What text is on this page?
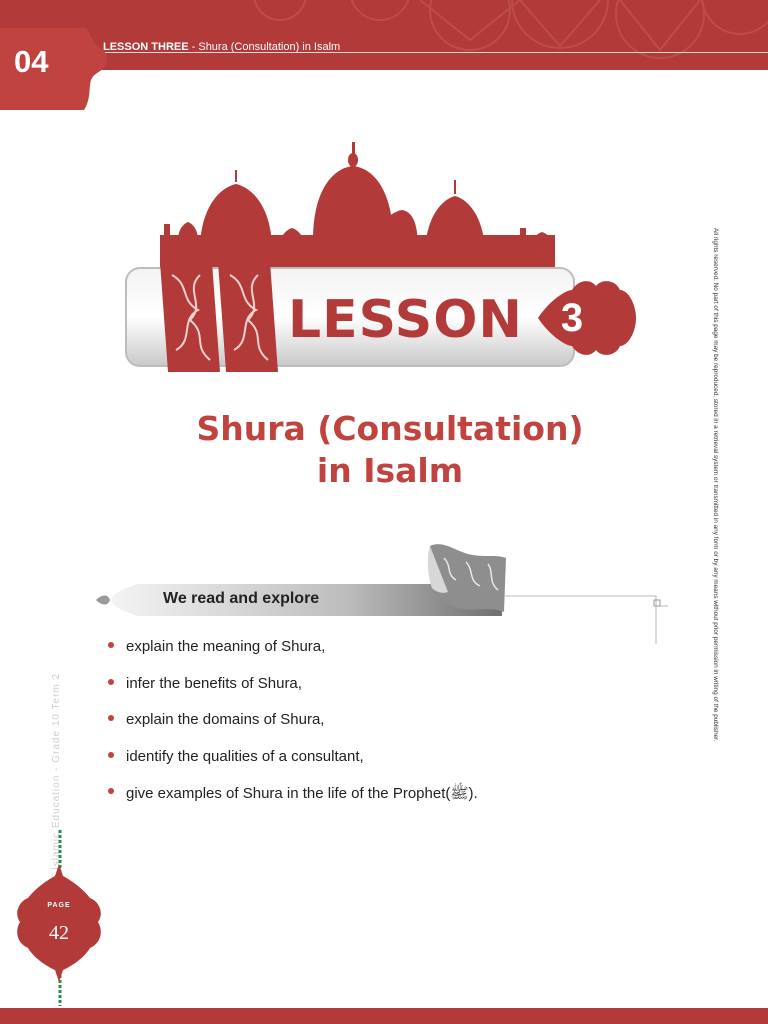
04	LESSON THREE - Shura (Consultation) in Isalm
LESSON 3
Shura (Consultation)
in Isalm
We read and explore
explain the meaning of Shura,
infer the benefits of Shura,
explain the domains of Shura,
identify the qualities of a consultant,
give examples of Shura in the life of the Prophet(ﷺ).
All rights reserved. No part of this page may be reproduced, stored in a retrieval system or transmitted in any form or by any means without prior permission in writing of the publisher.
Islamic Education - Grade 10 Term 2
PAGE
42
